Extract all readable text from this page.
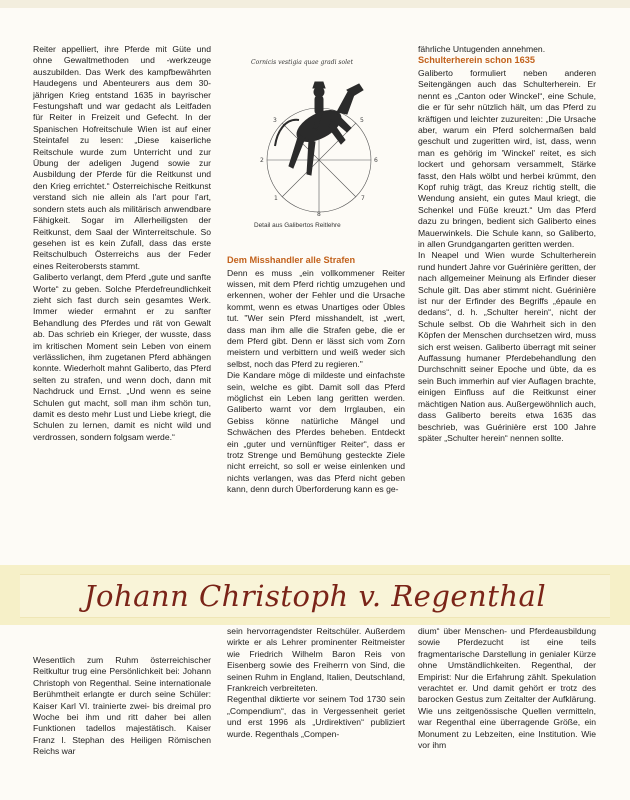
Reiter appelliert, ihre Pferde mit Güte und ohne Gewaltmethoden und -werkzeuge auszubilden. Das Werk des kampfbewährten Haudegens und Abenteurers aus dem 30-jährigen Krieg entstand 1635 in bayrischer Festungshaft und war gedacht als Leitfaden für Reiter in Freizeit und Gefecht. In der Spanischen Hofreitschule Wien ist auf einer Steintafel zu lesen: „Diese kaiserliche Reitschule wurde zum Unterricht und zur Übung der adeligen Jugend sowie zur Ausbildung der Pferde für die Reitkunst und den Krieg errichtet.“ Österreichische Reitkunst verstand sich nie allein als l'art pour l'art, sondern stets auch als militärisch anwendbare Fähigkeit. Sogar im Allerheiligsten der Reitkunst, dem Saal der Winterreitschule. So gesehen ist es kein Zufall, dass das erste Reitschulbuch Österreichs aus der Feder eines Reiterobersts stammt.

Galiberto verlangt, dem Pferd „gute und sanfte Worte“ zu geben. Solche Pferdefreundlichkeit zieht sich fast durch sein gesamtes Werk. Immer wieder ermahnt er zu sanfter Behandlung des Pferdes und rät von Gewalt ab. Das schrieb ein Krieger, der wusste, dass im kritischen Moment sein Leben von einem verlässlichen, ihm zugetanen Pferd abhängen konnte. Wiederholt mahnt Galiberto, das Pferd selten zu strafen, und wenn doch, dann mit Nachdruck und Ernst. „Und wenn es seine Schulen gut macht, soll man ihm schön tun, damit es desto mehr Lust und Liebe kriegt, die Schulen zu lernen, damit es nicht wild und verdrossen, sondern folgsam werde.“

Cornicis vestigia quae gradi solet
8
7
6
5
3
2
1
Detail aus Galibertos Reitlehre
Dem Misshandler alle Strafen

Denn es muss „ein vollkommener Reiter wissen, mit dem Pferd richtig umzugehen und erkennen, woher der Fehler und die Ursache kommt, wenn es etwas Unartiges oder Übles tut. "Wer sein Pferd misshandelt, ist „wert, dass man ihm alle die Strafen gebe, die er dem Pferd gibt. Denn er lässt sich vom Zorn meistern und verbittern und weiß weder sich selbst, noch das Pferd zu regieren."

Die Kandare möge di mildeste und einfachste sein, welche es gibt. Damit soll das Pferd möglichst ein Leben lang geritten werden. Galiberto warnt vor dem Irrglauben, ein Gebiss könne natürliche Mängel und Schwächen des Pferdes beheben. Entdeckt ein „guter und vernünftiger Reiter“, dass er trotz Strenge und Bemühung gesteckte Ziele nicht erreicht, so soll er weise einlenken und nichts verlangen, was das Pferd nicht geben kann, denn durch Überforderung kann es ge-

fährliche Untugenden annehmen.

Schulterherein schon 1635

Galiberto formuliert neben anderen Seitengängen auch das Schulterherein. Er nennt es „Canton oder Winckel“, eine Schule, die er für sehr nützlich hält, um das Pferd zu kräftigen und leichter zuzureiten: „Die Ursache aber, warum ein Pferd solchermaßen bald geschult und zugeritten wird, ist, dass, wenn man es gehörig im 'Winckel' reitet, es sich lockert und gehorsam versammelt, Stärke fasst, den Hals wölbt und herbei krümmt, den Kopf ruhig trägt, das Kreuz richtig stellt, die Wendung ansieht, ein gutes Maul kriegt, die Schenkel und Füße kreuzt.“ Um das Pferd dazu zu bringen, bedient sich Galiberto eines Mauerwinkels. Die Schule kann, so Galiberto, in allen Grundgangarten geritten werden.

In Neapel und Wien wurde Schulterherein rund hundert Jahre vor Guérinière geritten, der nach allgemeiner Meinung als Erfinder dieser Schule gilt. Das aber stimmt nicht. Guérinière ist nur der Erfinder des Begriffs „épaule en dedans“, d. h. „Schulter herein“, nicht der Schule selbst. Ob die Wahrheit sich in den Köpfen der Menschen durchsetzen wird, muss sich erst weisen. Galiberto überragt mit seiner Auffassung humaner Pferdebehandlung den Durchschnitt seiner Epoche und übte, da es sein Buch immerhin auf vier Auflagen brachte, einigen Einfluss auf die Reitkunst einer mächtigen Nation aus. Außergewöhnlich auch, dass Galiberto bereits etwa 1635 das beschrieb, was Guérinière erst 100 Jahre später „Schulter herein“ nennen sollte.

Johann Christoph v. Regenthal

Wesentlich zum Ruhm österreichischer Reitkultur trug eine Persönlichkeit bei: Johann Christoph von Regenthal. Seine internationale Berühmtheit erlangte er durch seine Schüler: Kaiser Karl VI. trainierte zwei- bis dreimal pro Woche bei ihm und ritt daher bei allen Funktionen tadellos majestätisch. Kaiser Franz I. Stephan des Heiligen Römischen Reichs war

sein hervorragendster Reitschüler. Außerdem wirkte er als Lehrer prominenter Reitmeister wie Friedrich Wilhelm Baron Reis von Eisenberg sowie des Freiherrn von Sind, die seinen Ruhm in England, Italien, Deutschland, Frankreich verbreiteten.

Regenthal diktierte vor seinem Tod 1730 sein „Compendium“, das in Vergessenheit geriet und erst 1996 als „Urdirektiven“ publiziert wurde. Regenthals „Compen-

dium“ über Menschen- und Pferdeausbildung sowie Pferdezucht ist eine teils fragmentarische Darstellung in genialer Kürze ohne Umständlichkeiten. Regenthal, der Empirist: Nur die Erfahrung zählt. Spekulation verachtet er. Und damit gehört er trotz des barocken Gestus zum Zeitalter der Aufklärung. Wie uns zeitgenössische Quellen vermitteln, war Regenthal eine überragende Größe, ein Monument zu Lebzeiten, eine Institution. Wie vor ihm
